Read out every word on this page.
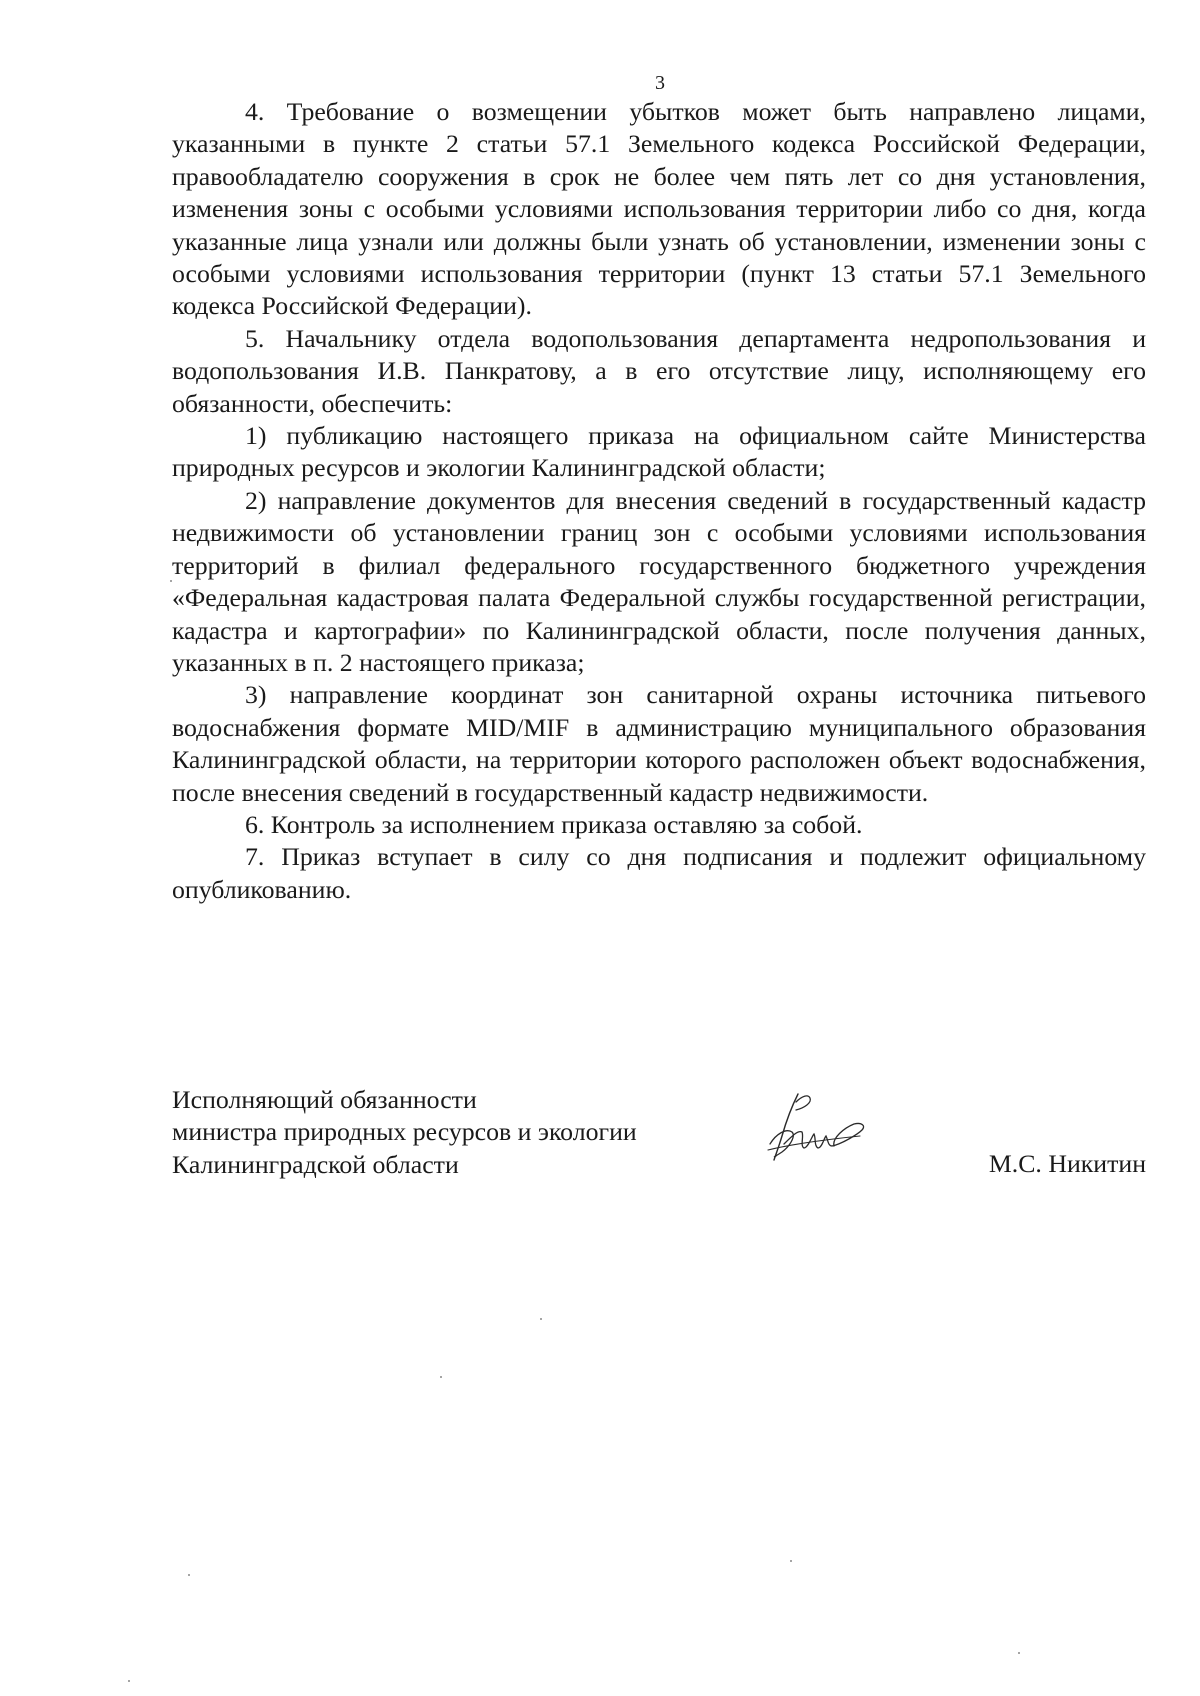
3

4. Требование о возмещении убытков может быть направлено лицами, указанными в пункте 2 статьи 57.1 Земельного кодекса Российской Федерации, правообладателю сооружения в срок не более чем пять лет со дня установления, изменения зоны с особыми условиями использования территории либо со дня, когда указанные лица узнали или должны были узнать об установлении, изменении зоны с особыми условиями использования территории (пункт 13 статьи 57.1 Земельного кодекса Российской Федерации).

5. Начальнику отдела водопользования департамента недропользования и водопользования И.В. Панкратову, а в его отсутствие лицу, исполняющему его обязанности, обеспечить:

1) публикацию настоящего приказа на официальном сайте Министерства природных ресурсов и экологии Калининградской области;

2) направление документов для внесения сведений в государственный кадастр недвижимости об установлении границ зон с особыми условиями использования территорий в филиал федерального государственного бюджетного учреждения «Федеральная кадастровая палата Федеральной службы государственной регистрации, кадастра и картографии» по Калининградской области, после получения данных, указанных в п. 2 настоящего приказа;

3) направление координат зон санитарной охраны источника питьевого водоснабжения формате MID/MIF в администрацию муниципального образования Калининградской области, на территории которого расположен объект водоснабжения, после внесения сведений в государственный кадастр недвижимости.

6. Контроль за исполнением приказа оставляю за собой.

7. Приказ вступает в силу со дня подписания и подлежит официальному опубликованию.

Исполняющий обязанности
министра природных ресурсов и экологии
Калининградской области	М.С. Никитин
